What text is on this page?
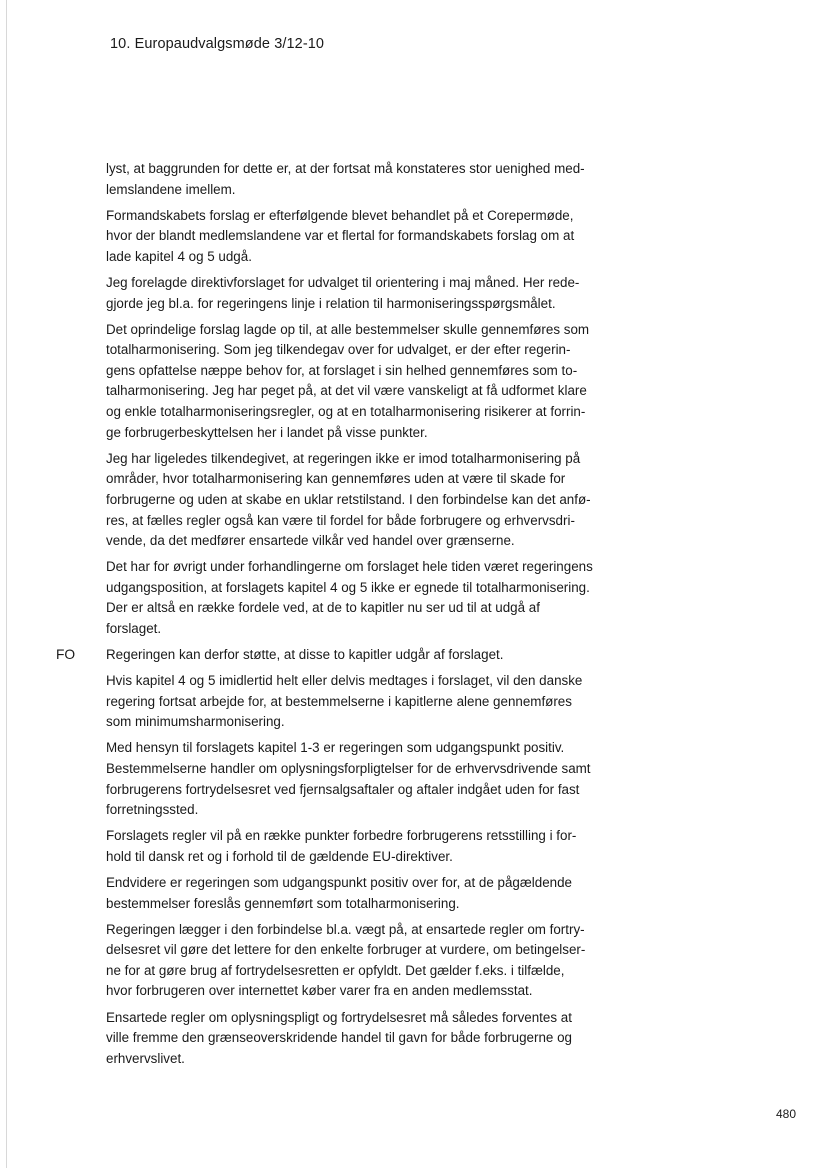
10. Europaudvalgsmøde 3/12-10

lyst, at baggrunden for dette er, at der fortsat må konstateres stor uenighed medlemslandene imellem.

Formandskabets forslag er efterfølgende blevet behandlet på et Corepermøde, hvor der blandt medlemslandene var et flertal for formandskabets forslag om at lade kapitel 4 og 5 udgå.

Jeg forelagde direktivforslaget for udvalget til orientering i maj måned. Her redegjorde jeg bl.a. for regeringens linje i relation til harmoniseringsspørgsmålet.

Det oprindelige forslag lagde op til, at alle bestemmelser skulle gennemføres som totalharmonisering. Som jeg tilkendegav over for udvalget, er der efter regeringens opfattelse næppe behov for, at forslaget i sin helhed gennemføres som totalharmonisering. Jeg har peget på, at det vil være vanskeligt at få udformet klare og enkle totalharmoniseringsregler, og at en totalharmonisering risikerer at forringe forbrugerbeskyttelsen her i landet på visse punkter.

Jeg har ligeledes tilkendegivet, at regeringen ikke er imod totalharmonisering på områder, hvor totalharmonisering kan gennemføres uden at være til skade for forbrugerne og uden at skabe en uklar retstilstand. I den forbindelse kan det anføres, at fælles regler også kan være til fordel for både forbrugere og erhvervsdrivende, da det medfører ensartede vilkår ved handel over grænserne.

Det har for øvrigt under forhandlingerne om forslaget hele tiden været regeringens udgangsposition, at forslagets kapitel 4 og 5 ikke er egnede til totalharmonisering. Der er altså en række fordele ved, at de to kapitler nu ser ud til at udgå af forslaget.

FO Regeringen kan derfor støtte, at disse to kapitler udgår af forslaget.

Hvis kapitel 4 og 5 imidlertid helt eller delvis medtages i forslaget, vil den danske regering fortsat arbejde for, at bestemmelserne i kapitlerne alene gennemføres som minimumsharmonisering.

Med hensyn til forslagets kapitel 1-3 er regeringen som udgangspunkt positiv. Bestemmelserne handler om oplysningsforpligtelser for de erhvervsdrivende samt forbrugerens fortrydelsesret ved fjernsalgsaftaler og aftaler indgået uden for fast forretningssted.

Forslagets regler vil på en række punkter forbedre forbrugerens retsstilling i forhold til dansk ret og i forhold til de gældende EU-direktiver.

Endvidere er regeringen som udgangspunkt positiv over for, at de pågældende bestemmelser foreslås gennemført som totalharmonisering.

Regeringen lægger i den forbindelse bl.a. vægt på, at ensartede regler om fortrydelsesret vil gøre det lettere for den enkelte forbruger at vurdere, om betingelserne for at gøre brug af fortrydelsesretten er opfyldt. Det gælder f.eks. i tilfælde, hvor forbrugeren over internettet køber varer fra en anden medlemsstat.

Ensartede regler om oplysningspligt og fortrydelsesret må således forventes at ville fremme den grænseoverskridende handel til gavn for både forbrugerne og erhvervslivet.

480
